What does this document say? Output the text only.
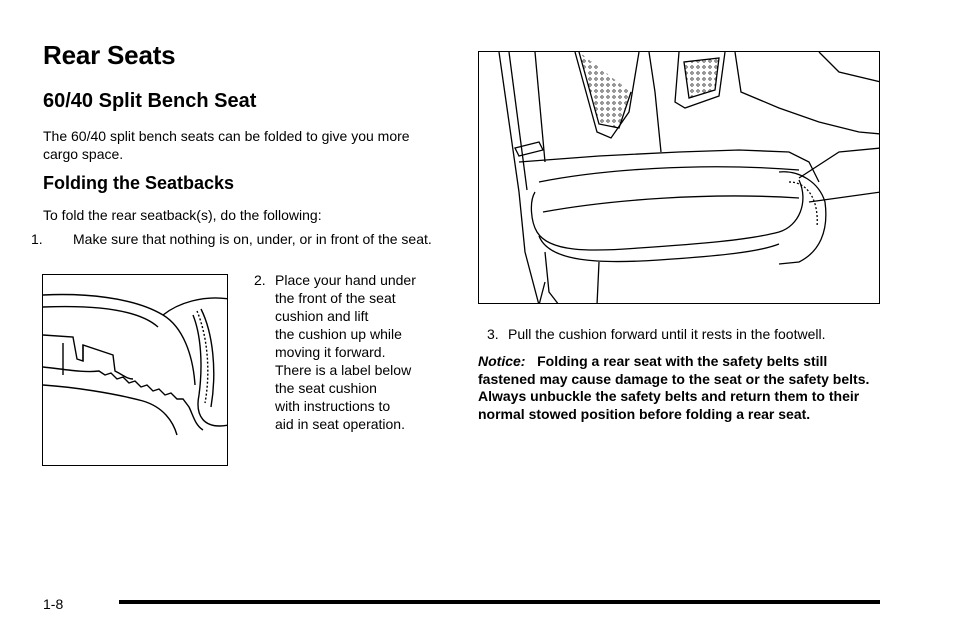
Rear Seats
60/40 Split Bench Seat
The 60/40 split bench seats can be folded to give you more cargo space.
Folding the Seatbacks
To fold the rear seatback(s), do the following:
1. Make sure that nothing is on, under, or in front of the seat.
2. Place your hand under
the front of the seat
cushion and lift
the cushion up while
moving it forward.
There is a label below
the seat cushion
with instructions to
aid in seat operation.
3. Pull the cushion forward until it rests in the footwell.
Notice: Folding a rear seat with the safety belts still fastened may cause damage to the seat or the safety belts. Always unbuckle the safety belts and return them to their normal stowed position before folding a rear seat.
1-8
